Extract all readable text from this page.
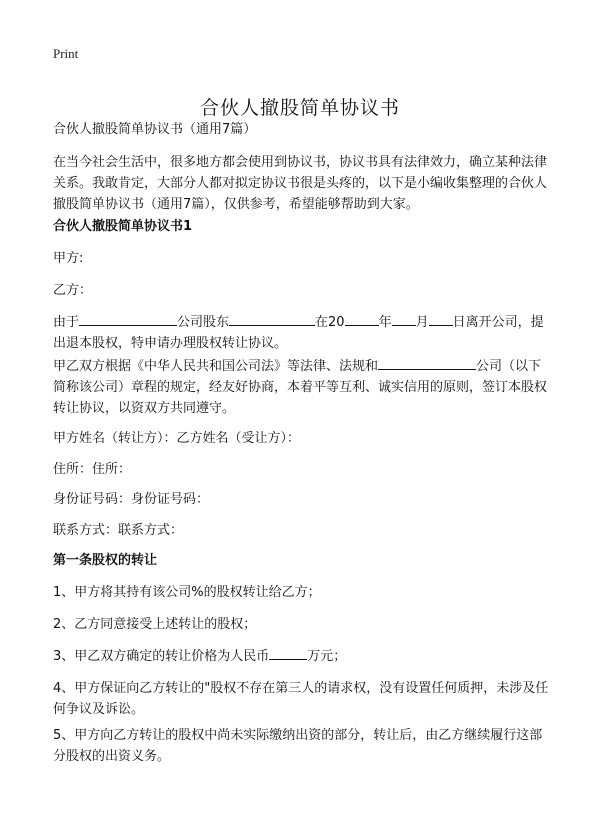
Print
合伙人撤股简单协议书

合伙人撤股简单协议书（通用7篇）

在当今社会生活中，很多地方都会使用到协议书，协议书具有法律效力，确立某种法律关系。我敢肯定，大部分人都对拟定协议书很是头疼的，以下是小编收集整理的合伙人撤股简单协议书（通用7篇），仅供参考，希望能够帮助到大家。

合伙人撤股简单协议书1

甲方:

乙方：

由于	公司股东	在20	年 月 日离开公司，提出退本股权，特申请办理股权转让协议。

甲乙双方根据《中华人民共和国公司法》等法律、法规和	公司（以下简称该公司）章程的规定，经友好协商，本着平等互利、诚实信用的原则，签订本股权转让协议，以资双方共同遵守。

甲方姓名（转让方）：乙方姓名（受让方）：

住所：住所：

身份证号码：身份证号码：

联系方式：联系方式：

第一条股权的转让

1、甲方将其持有该公司%的股权转让给乙方；

2、乙方同意接受上述转让的股权；

3、甲乙双方确定的转让价格为人民币	万元；

4、甲方保证向乙方转让的"股权不存在第三人的请求权，没有设置任何质押，未涉及任何争议及诉讼。

5、甲方向乙方转让的股权中尚未实际缴纳出资的部分，转让后，由乙方继续履行这部分股权的出资义务。
